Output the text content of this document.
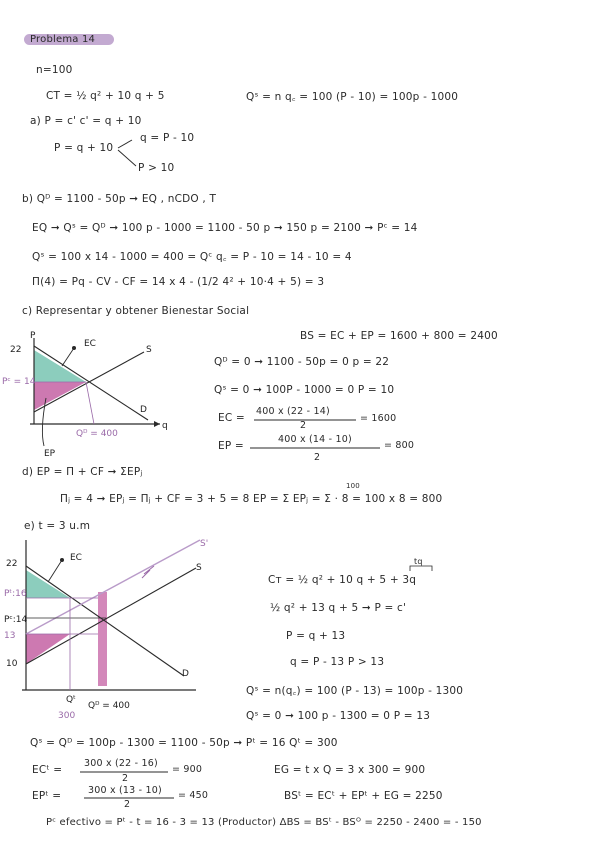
Problema 14
n=100
CT = ½ q² + 10 q + 5	Qˢ = n q꜀ = 100 (P - 10) = 100p - 1000
a) P = c' c' = q + 10
q = P - 10
P = q + 10
P > 10
b) Qᴰ = 1100 - 50p ➞ EQ , nCDO , T
EQ ➞ Qˢ = Qᴰ ➞ 100 p - 1000 = 1100 - 50 p ➞ 150 p = 2100 ➞ Pᶜ = 14
Qˢ = 100 x 14 - 1000 = 400 = Qᶜ q꜀ = P - 10 = 14 - 10 = 4
Π(4) = Pq - CV - CF = 14 x 4 - (1/2 4² + 10·4 + 5) = 3
c) Representar y obtener Bienestar Social
BS = EC + EP = 1600 + 800 = 2400
Qᴰ = 0 ➞ 1100 - 50p = 0 p = 22
Qˢ = 0 ➞ 100P - 1000 = 0 P = 10
EC =
400 x (22 - 14)
2
= 1600
EP =
400 x (14 - 10)
2
= 800
d) EP = Π + CF ➞ ΣEPⱼ
100
Πⱼ = 4 ➞ EPⱼ = Πⱼ + CF = 3 + 5 = 8 EP = Σ EPⱼ = Σ · 8 = 100 x 8 = 800
e) t = 3 u.m
tq
Cт = ½ q² + 10 q + 5 + 3q
½ q² + 13 q + 5 ➞ P = c'
P = q + 13
q = P - 13 P > 13
Qˢ = n(q꜀) = 100 (P - 13) = 100p - 1300
Qˢ = 0 ➞ 100 p - 1300 = 0 P = 13
Qˢ = Qᴰ = 100p - 1300 = 1100 - 50p ➞ Pᵗ = 16 Qᵗ = 300
ECᵗ =
300 x (22 - 16)
2
= 900	EG = t x Q = 3 x 300 = 900
EPᵗ =	300 x (13 - 10)
2
= 450	BSᵗ = ECᵗ + EPᵗ + EG = 2250
Pᶜ efectivo = Pᵗ - t = 16 - 3 = 13 (Productor) ΔBS = BSᵗ - BSᴼ = 2250 - 2400 = - 150
P
q
22
Pᶜ = 14
Qᴰ = 400
EC
EP
S
D
22
Pᵗ:16
Pᶜ:14
13
10
Qᵗ
300
Qᴰ = 400
EC
S
S'
D
